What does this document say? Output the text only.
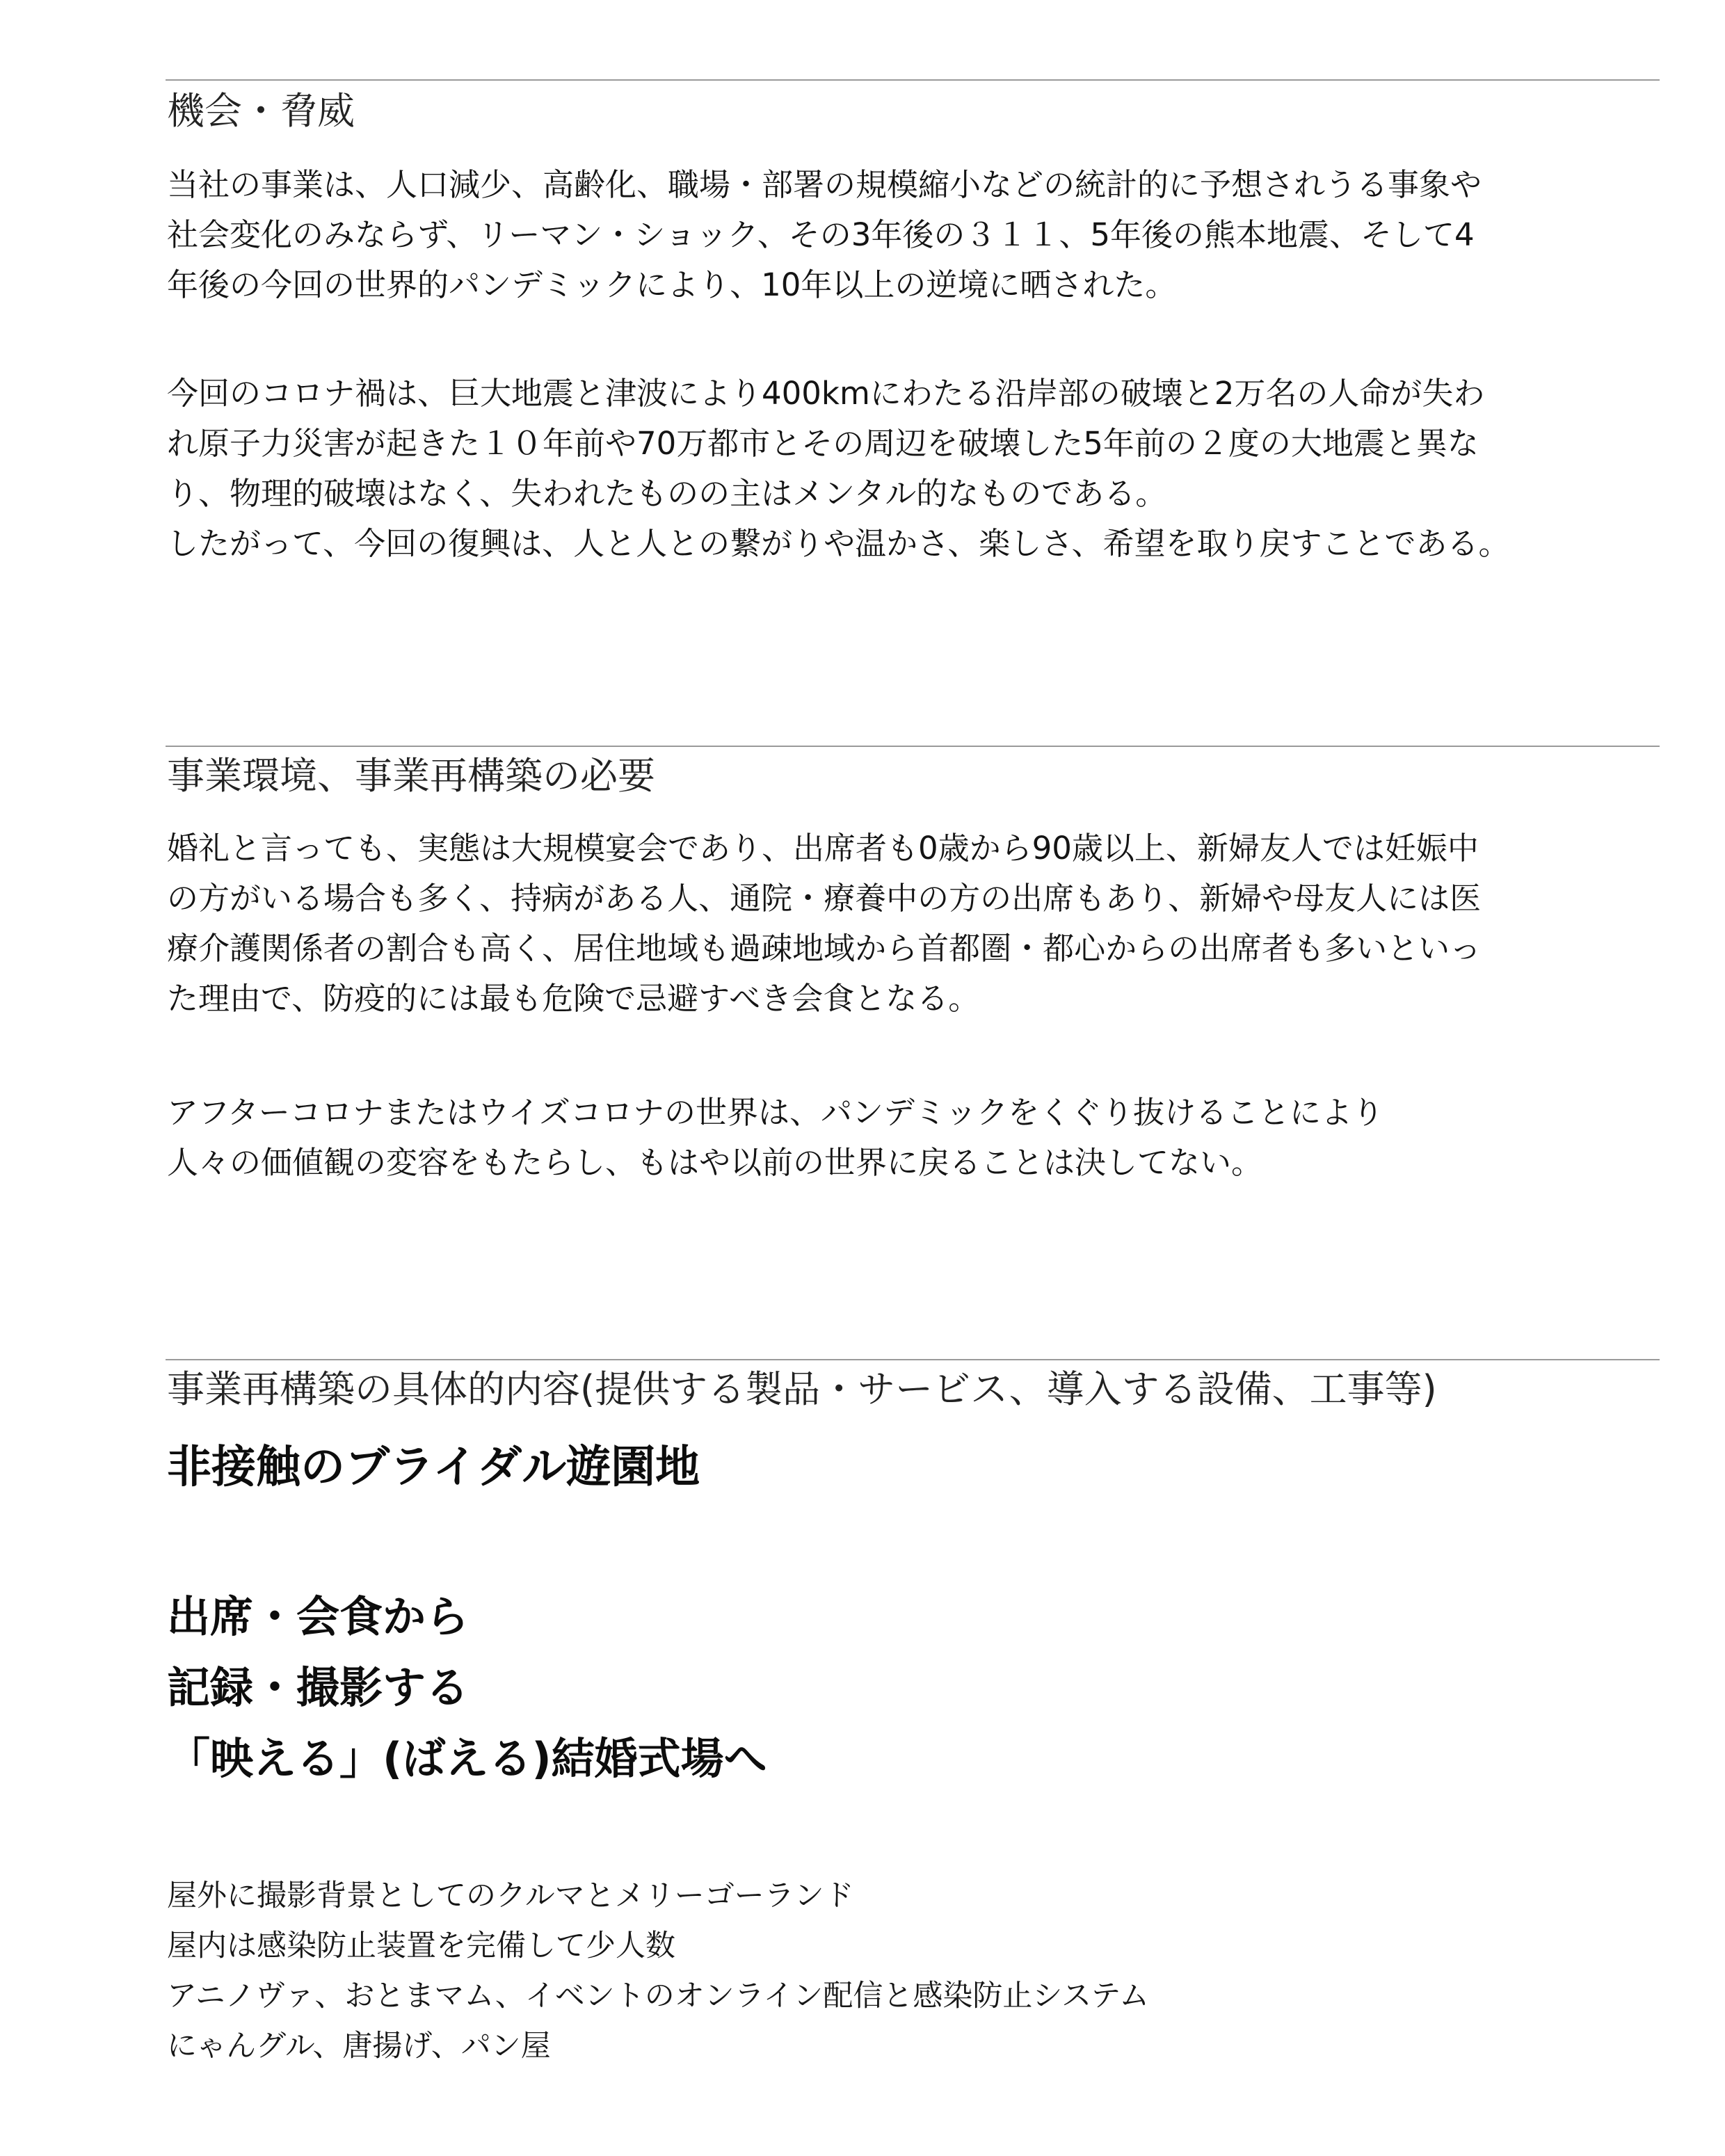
機会・脅威
当社の事業は、人口減少、高齢化、職場・部署の規模縮小などの統計的に予想されうる事象や
社会変化のみならず、リーマン・ショック、その3年後の３１１、5年後の熊本地震、そして4
年後の今回の世界的パンデミックにより、10年以上の逆境に晒された。
今回のコロナ禍は、巨大地震と津波により400kmにわたる沿岸部の破壊と2万名の人命が失わ
れ原子力災害が起きた１０年前や70万都市とその周辺を破壊した5年前の２度の大地震と異な
り、物理的破壊はなく、失われたものの主はメンタル的なものである。
したがって、今回の復興は、人と人との繋がりや温かさ、楽しさ、希望を取り戻すことである。
事業環境、事業再構築の必要
婚礼と言っても、実態は大規模宴会であり、出席者も0歳から90歳以上、新婦友人では妊娠中
の方がいる場合も多く、持病がある人、通院・療養中の方の出席もあり、新婦や母友人には医
療介護関係者の割合も高く、居住地域も過疎地域から首都圏・都心からの出席者も多いといっ
た理由で、防疫的には最も危険で忌避すべき会食となる。
アフターコロナまたはウイズコロナの世界は、パンデミックをくぐり抜けることにより
人々の価値観の変容をもたらし、もはや以前の世界に戻ることは決してない。
事業再構築の具体的内容(提供する製品・サービス、導入する設備、工事等)
非接触のブライダル遊園地
出席・会食から
記録・撮影する
「映える」(ばえる)結婚式場へ
屋外に撮影背景としてのクルマとメリーゴーランド
屋内は感染防止装置を完備して少人数
アニノヴァ、おとまマム、イベントのオンライン配信と感染防止システム
にゃんグル、唐揚げ、パン屋
